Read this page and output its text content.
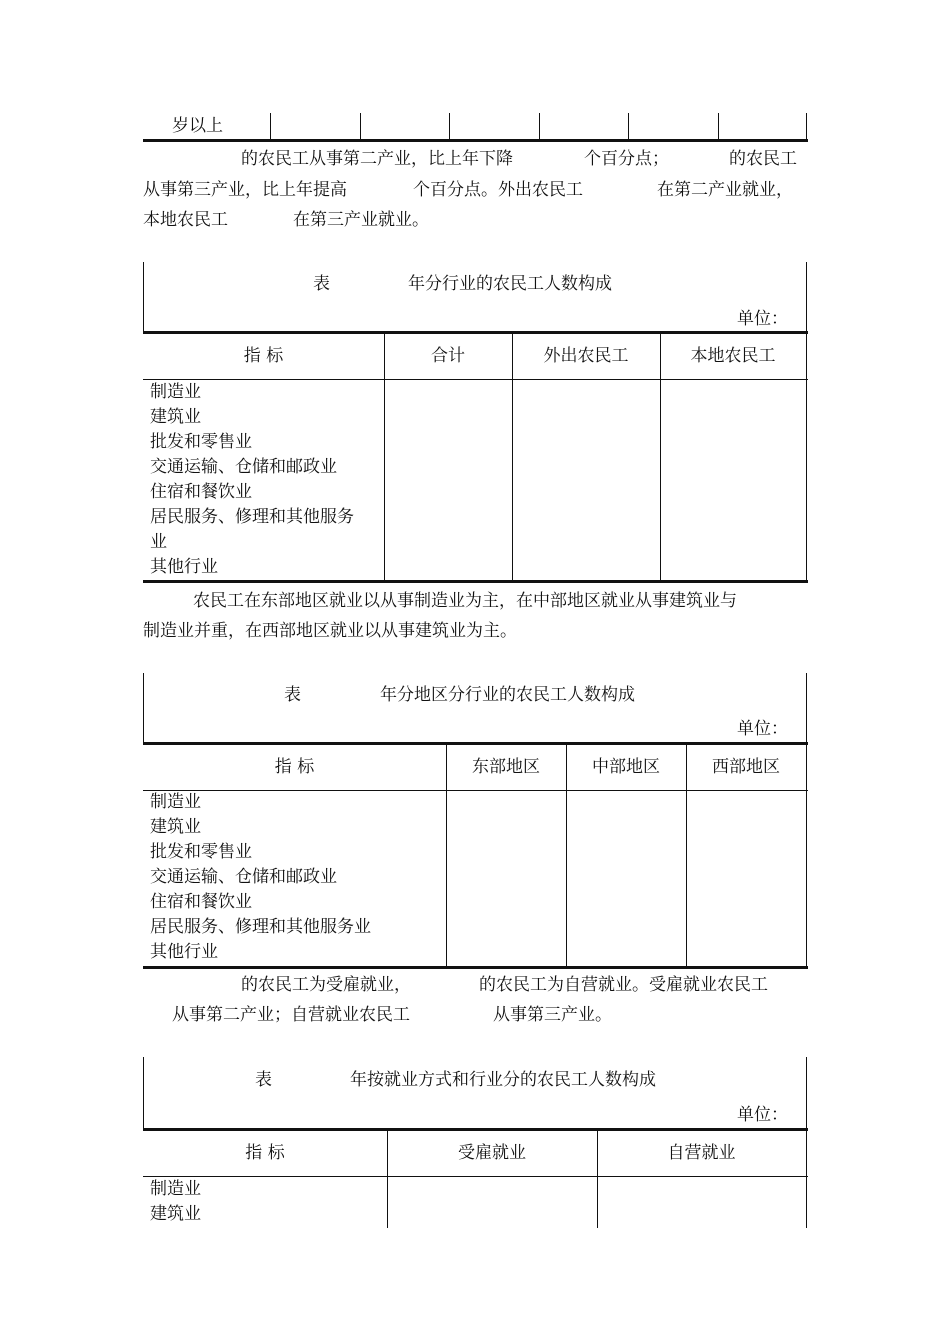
岁以上
的农民工从事第二产业，比上年下降	个百分点；	的农民工
从事第三产业，比上年提高	个百分点。外出农民工	在第二产业就业，
本地农民工	在第三产业就业。
表	年分行业的农民工人数构成
单位：
指 标	合计	外出农民工	本地农民工
制造业
建筑业
批发和零售业
交通运输、仓储和邮政业
住宿和餐饮业
居民服务、修理和其他服务
业
其他行业
农民工在东部地区就业以从事制造业为主，在中部地区就业从事建筑业与
制造业并重，在西部地区就业以从事建筑业为主。
表	年分地区分行业的农民工人数构成
单位：
指 标	东部地区	中部地区	西部地区
制造业
建筑业
批发和零售业
交通运输、仓储和邮政业
住宿和餐饮业
居民服务、修理和其他服务业
其他行业
的农民工为受雇就业，	的农民工为自营就业。受雇就业农民工
从事第二产业；自营就业农民工	从事第三产业。
表	年按就业方式和行业分的农民工人数构成
单位：
指 标	受雇就业	自营就业
制造业
建筑业
